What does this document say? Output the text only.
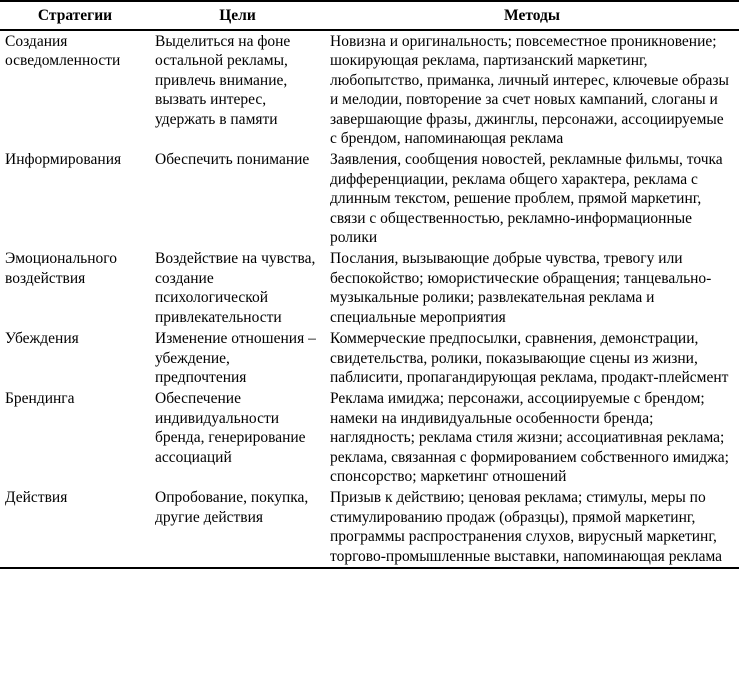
Стратегии	Цели	Методы
Создания осведомленности	Выделиться на фоне остальной рекламы, привлечь внимание, вызвать интерес, удержать в памяти	Новизна и оригинальность; повсеместное проникновение; шокирующая реклама, партизанский маркетинг, любопытство, приманка, личный интерес, ключевые образы и мелодии, повторение за счет новых кампаний, слоганы и завершающие фразы, джинглы, персонажи, ассоциируемые с брендом, напоминающая реклама
Информирования	Обеспечить понимание	Заявления, сообщения новостей, рекламные фильмы, точка дифференциации, реклама общего характера, реклама с длинным текстом, решение проблем, прямой маркетинг, связи с общественностью, рекламно-информационные ролики
Эмоционального воздействия	Воздействие на чувства, создание психологической привлекательности	Послания, вызывающие добрые чувства, тревогу или беспокойство; юмористические обращения; танцевально-музыкальные ролики; развлекательная реклама и специальные мероприятия
Убеждения	Изменение отношения – убеждение, предпочтения	Коммерческие предпосылки, сравнения, демонстрации, свидетельства, ролики, показывающие сцены из жизни, паблисити, пропагандирующая реклама, продакт-плейсмент
Брендинга	Обеспечение индивидуальности бренда, генерирование ассоциаций	Реклама имиджа; персонажи, ассоциируемые с брендом; намеки на индивидуальные особенности бренда; наглядность; реклама стиля жизни; ассоциативная реклама; реклама, связанная с формированием собственного имиджа; спонсорство; маркетинг отношений
Действия	Опробование, покупка, другие действия	Призыв к действию; ценовая реклама; стимулы, меры по стимулированию продаж (образцы), прямой маркетинг, программы распространения слухов, вирусный маркетинг, торгово-промышленные выставки, напоминающая реклама
